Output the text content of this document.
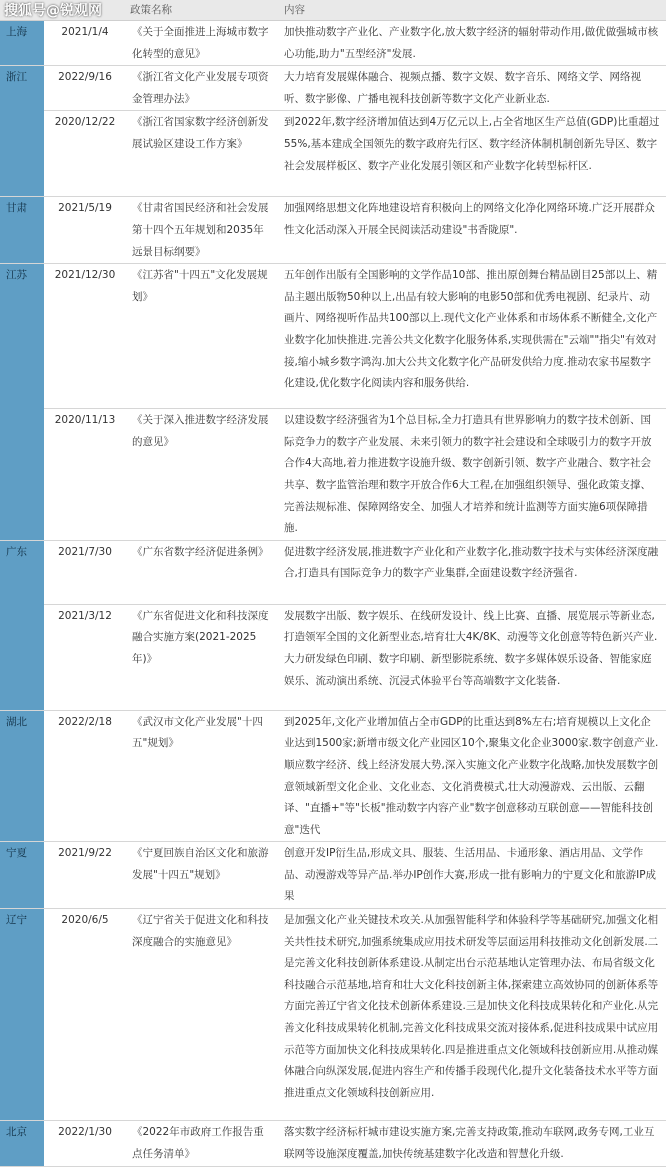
		政策名称	内容
上海	2021/1/4	《关于全面推进上海城市数字化转型的意见》	加快推动数字产业化、产业数字化,放大数字经济的辐射带动作用,做优做强城市核心功能,助力"五型经济"发展.
浙江	2022/9/16	《浙江省文化产业发展专项资金管理办法》	大力培育发展媒体融合、视频点播、数字文娱、数字音乐、网络文学、网络视听、数字影像、广播电视科技创新等数字文化产业新业态.
	2020/12/22	《浙江省国家数字经济创新发展试验区建设工作方案》	到2022年,数字经济增加值达到4万亿元以上,占全省地区生产总值(GDP)比重超过55%,基本建成全国领先的数字政府先行区、数字经济体制机制创新先导区、数字社会发展样板区、数字产业化发展引领区和产业数字化转型标杆区.
甘肃	2021/5/19	《甘肃省国民经济和社会发展第十四个五年规划和2035年远景目标纲要》	加强网络思想文化阵地建设培育积极向上的网络文化净化网络环境.广泛开展群众性文化活动深入开展全民阅读活动建设"书香陇原".
江苏	2021/12/30	《江苏省"十四五"文化发展规划》	五年创作出版有全国影响的文学作品10部、推出原创舞台精品剧目25部以上、精品主题出版物50种以上,出品有较大影响的电影50部和优秀电视剧、纪录片、动画片、网络视听作品共100部以上.现代文化产业体系和市场体系不断健全,文化产业数字化加快推进.完善公共文化数字化服务体系,实现供需在"云端""指尖"有效对接,缩小城乡数字鸿沟.加大公共文化数字化产品研发供给力度.推动农家书屋数字化建设,优化数字化阅读内容和服务供给.
	2020/11/13	《关于深入推进数字经济发展的意见》	以建设数字经济强省为1个总目标,全力打造具有世界影响力的数字技术创新、国际竞争力的数字产业发展、未来引领力的数字社会建设和全球吸引力的数字开放合作4大高地,着力推进数字设施升级、数字创新引领、数字产业融合、数字社会共享、数字监管治理和数字开放合作6大工程,在加强组织领导、强化政策支撑、完善法规标准、保障网络安全、加强人才培养和统计监测等方面实施6项保障措施.
广东	2021/7/30	《广东省数字经济促进条例》	促进数字经济发展,推进数字产业化和产业数字化,推动数字技术与实体经济深度融合,打造具有国际竞争力的数字产业集群,全面建设数字经济强省.
	2021/3/12	《广东省促进文化和科技深度融合实施方案(2021-2025年)》	发展数字出版、数字娱乐、在线研发设计、线上比赛、直播、展览展示等新业态,打造领军全国的文化新型业态,培育壮大4K/8K、动漫等文化创意等特色新兴产业.大力研发绿色印刷、数字印刷、新型影院系统、数字多媒体娱乐设备、智能家庭娱乐、流动演出系统、沉浸式体验平台等高端数字文化装备.
湖北	2022/2/18	《武汉市文化产业发展"十四五"规划》	到2025年,文化产业增加值占全市GDP的比重达到8%左右;培育规模以上文化企业达到1500家;新增市级文化产业园区10个,聚集文化企业3000家.数字创意产业.顺应数字经济、线上经济发展大势,深入实施文化产业数字化战略,加快发展数字创意领域新型文化企业、文化业态、文化消费模式,壮大动漫游戏、云出版、云翻译、"直播+"等"长板"推动数字内容产业"数字创意移动互联创意——智能科技创意"迭代
宁夏	2021/9/22	《宁夏回族自治区文化和旅游发展"十四五"规划》	创意开发IP衍生品,形成文具、服装、生活用品、卡通形象、酒店用品、文学作品、动漫游戏等异产品.举办IP创作大赛,形成一批有影响力的宁夏文化和旅游IP成果
辽宁	2020/6/5	《辽宁省关于促进文化和科技深度融合的实施意见》	是加强文化产业关键技术攻关.从加强智能科学和体验科学等基础研究,加强文化相关共性技术研究,加强系统集成应用技术研发等层面运用科技推动文化创新发展.二是完善文化科技创新体系建设.从制定出台示范基地认定管理办法、布局省级文化科技融合示范基地,培育和壮大文化科技创新主体,探索建立高效协同的创新体系等方面完善辽宁省文化技术创新体系建设.三是加快文化科技成果转化和产业化.从完善文化科技成果转化机制,完善文化科技成果交流对接体系,促进科技成果中试应用示范等方面加快文化科技成果转化.四是推进重点文化领域科技创新应用.从推动媒体融合向纵深发展,促进内容生产和传播手段现代化,提升文化装备技术水平等方面推进重点文化领域科技创新应用.
北京	2022/1/30	《2022年市政府工作报告重点任务清单》	落实数字经济标杆城市建设实施方案,完善支持政策,推动车联网,政务专网,工业互联网等设施深度覆盖,加快传统基建数字化改造和智慧化升级.
搜狐号@锐观网
